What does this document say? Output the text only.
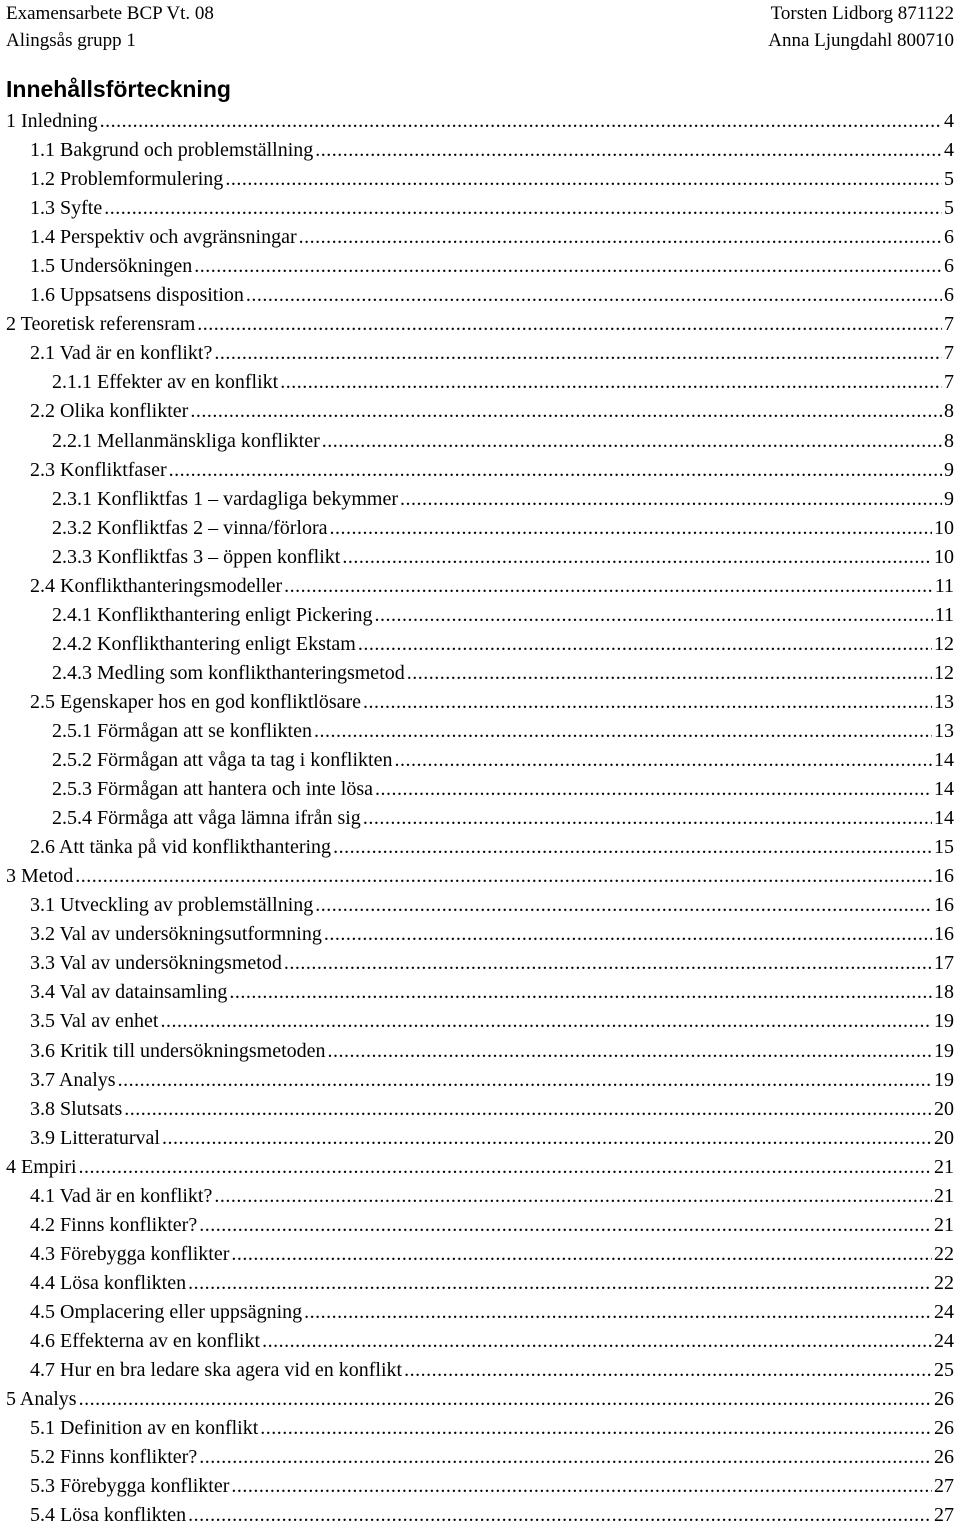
Examensarbete BCP Vt. 08
Alingsås grupp 1
Torsten Lidborg 871122
Anna Ljungdahl 800710
Innehållsförteckning
1 Inledning .....	4
1.1 Bakgrund och problemställning .....	4
1.2 Problemformulering .....	5
1.3 Syfte .....	5
1.4 Perspektiv och avgränsningar .....	6
1.5 Undersökningen .....	6
1.6 Uppsatsens disposition .....	6
2 Teoretisk referensram .....	7
2.1 Vad är en konflikt? .....	7
2.1.1 Effekter av en konflikt .....	7
2.2 Olika konflikter .....	8
2.2.1 Mellanmänskliga konflikter .....	8
2.3 Konfliktfaser .....	9
2.3.1 Konfliktfas 1 – vardagliga bekymmer .....	9
2.3.2 Konfliktfas 2 – vinna/förlora .....	10
2.3.3 Konfliktfas 3 – öppen konflikt .....	10
2.4 Konflikthanteringsmodeller .....	11
2.4.1 Konflikthantering enligt Pickering .....	11
2.4.2 Konflikthantering enligt Ekstam .....	12
2.4.3 Medling som konflikthanteringsmetod .....	12
2.5 Egenskaper hos en god konfliktlösare .....	13
2.5.1 Förmågan att se konflikten .....	13
2.5.2 Förmågan att våga ta tag i konflikten .....	14
2.5.3 Förmågan att hantera och inte lösa .....	14
2.5.4 Förmåga att våga lämna ifrån sig .....	14
2.6 Att tänka på vid konflikthantering .....	15
3 Metod .....	16
3.1 Utveckling av problemställning .....	16
3.2 Val av undersökningsutformning .....	16
3.3 Val av undersökningsmetod .....	17
3.4 Val av datainsamling .....	18
3.5 Val av enhet .....	19
3.6 Kritik till undersökningsmetoden .....	19
3.7 Analys .....	19
3.8 Slutsats .....	20
3.9 Litteraturval .....	20
4 Empiri .....	21
4.1 Vad är en konflikt? .....	21
4.2 Finns konflikter? .....	21
4.3 Förebygga konflikter .....	22
4.4 Lösa konflikten .....	22
4.5 Omplacering eller uppsägning .....	24
4.6 Effekterna av en konflikt .....	24
4.7 Hur en bra ledare ska agera vid en konflikt .....	25
5 Analys .....	26
5.1 Definition av en konflikt .....	26
5.2 Finns konflikter? .....	26
5.3 Förebygga konflikter .....	27
5.4 Lösa konflikten .....	27
